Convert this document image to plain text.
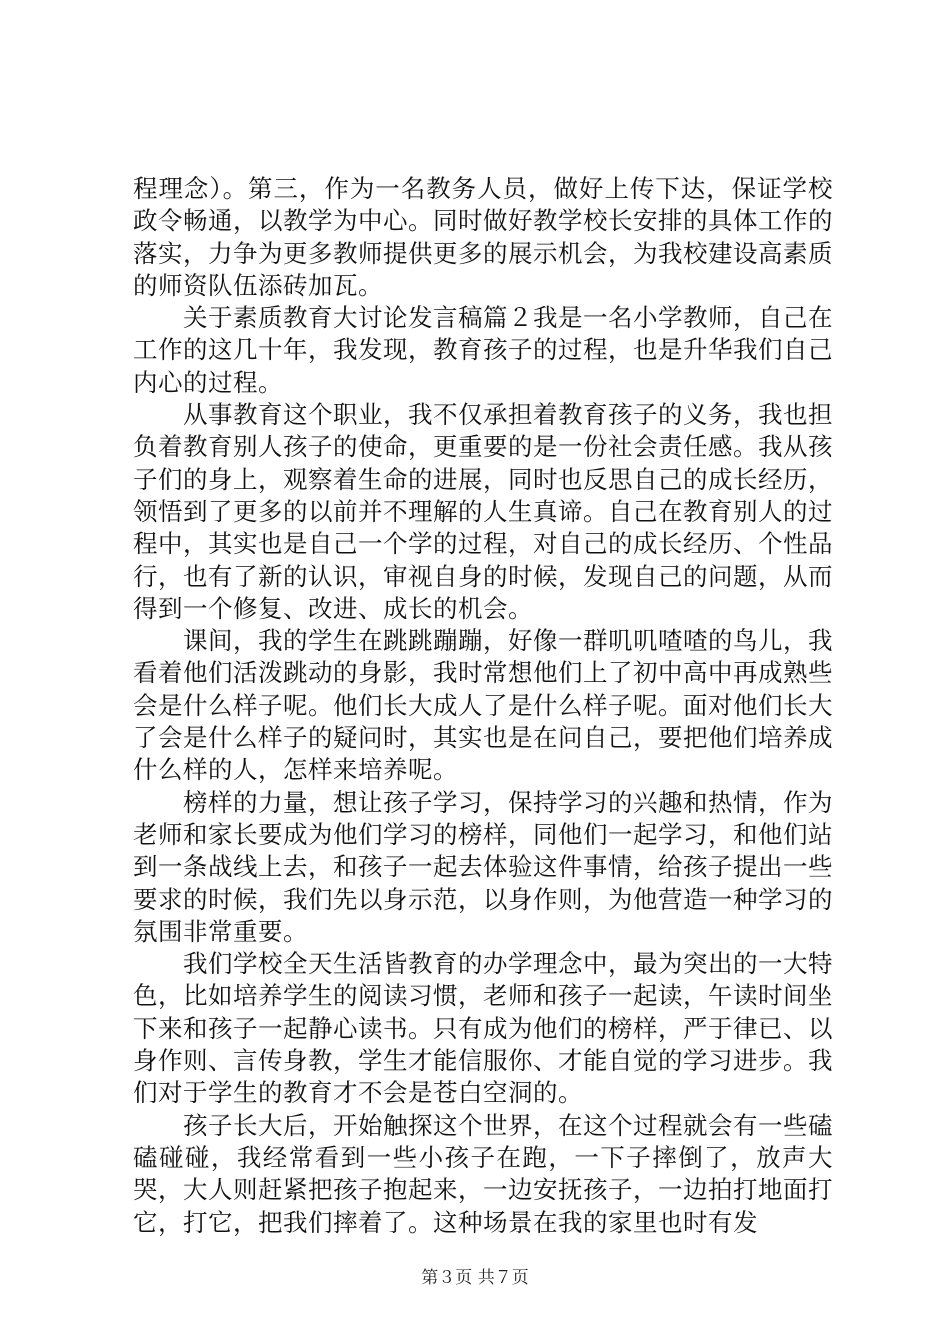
程理念）。第三，作为一名教务人员，做好上传下达，保证学校政令畅通，以教学为中心。同时做好教学校长安排的具体工作的落实，力争为更多教师提供更多的展示机会，为我校建设高素质的师资队伍添砖加瓦。

关于素质教育大讨论发言稿篇２我是一名小学教师，自己在工作的这几十年，我发现，教育孩子的过程，也是升华我们自己内心的过程。

从事教育这个职业，我不仅承担着教育孩子的义务，我也担负着教育别人孩子的使命，更重要的是一份社会责任感。我从孩子们的身上，观察着生命的进展，同时也反思自己的成长经历，领悟到了更多的以前并不理解的人生真谛。自己在教育别人的过程中，其实也是自己一个学的过程，对自己的成长经历、个性品行，也有了新的认识，审视自身的时候，发现自己的问题，从而得到一个修复、改进、成长的机会。

课间，我的学生在跳跳蹦蹦，好像一群叽叽喳喳的鸟儿，我看着他们活泼跳动的身影，我时常想他们上了初中高中再成熟些会是什么样子呢。他们长大成人了是什么样子呢。面对他们长大了会是什么样子的疑问时，其实也是在问自己，要把他们培养成什么样的人，怎样来培养呢。

榜样的力量，想让孩子学习，保持学习的兴趣和热情，作为老师和家长要成为他们学习的榜样，同他们一起学习，和他们站到一条战线上去，和孩子一起去体验这件事情，给孩子提出一些要求的时候，我们先以身示范，以身作则，为他营造一种学习的氛围非常重要。

我们学校全天生活皆教育的办学理念中，最为突出的一大特色，比如培养学生的阅读习惯，老师和孩子一起读，午读时间坐下来和孩子一起静心读书。只有成为他们的榜样，严于律已、以身作则、言传身教，学生才能信服你、才能自觉的学习进步。我们对于学生的教育才不会是苍白空洞的。

孩子长大后，开始触探这个世界，在这个过程就会有一些磕磕碰碰，我经常看到一些小孩子在跑，一下子摔倒了，放声大哭，大人则赶紧把孩子抱起来，一边安抚孩子，一边拍打地面打它，打它，把我们摔着了。这种场景在我的家里也时有发

第３页 共７页
